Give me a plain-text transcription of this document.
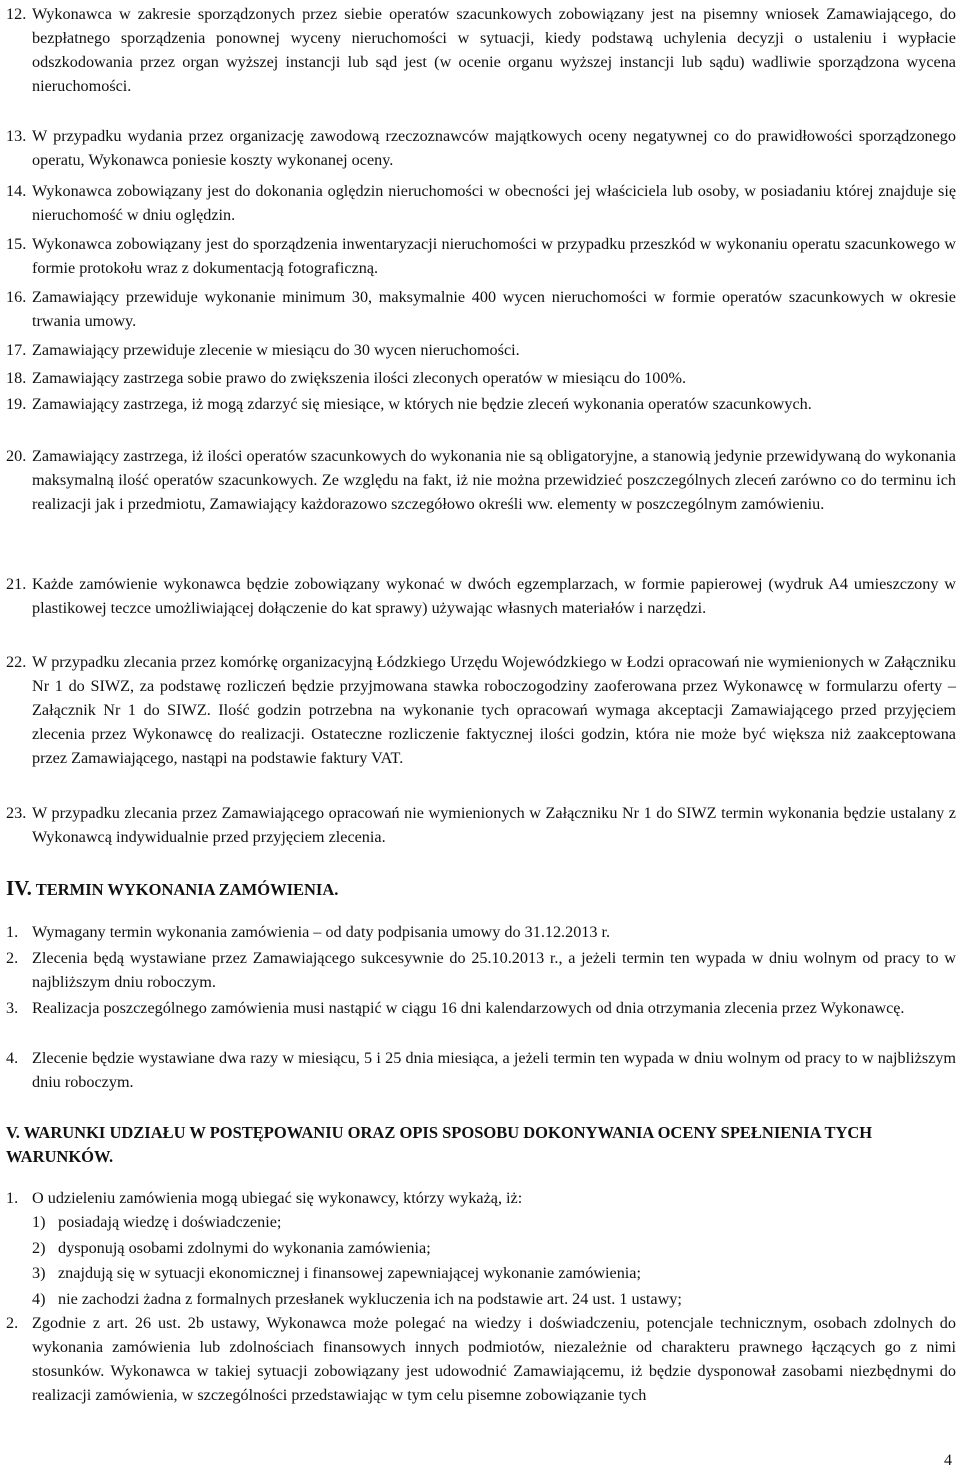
12. Wykonawca w zakresie sporządzonych przez siebie operatów szacunkowych zobowiązany jest na pisemny wniosek Zamawiającego, do bezpłatnego sporządzenia ponownej wyceny nieruchomości w sytuacji, kiedy podstawą uchylenia decyzji o ustaleniu i wypłacie odszkodowania przez organ wyższej instancji lub sąd jest (w ocenie organu wyższej instancji lub sądu) wadliwie sporządzona wycena nieruchomości.
13. W przypadku wydania przez organizację zawodową rzeczoznawców majątkowych oceny negatywnej co do prawidłowości sporządzonego operatu, Wykonawca poniesie koszty wykonanej oceny.
14. Wykonawca zobowiązany jest do dokonania oględzin nieruchomości w obecności jej właściciela lub osoby, w posiadaniu której znajduje się nieruchomość w dniu oględzin.
15. Wykonawca zobowiązany jest do sporządzenia inwentaryzacji nieruchomości w przypadku przeszkód w wykonaniu operatu szacunkowego w formie protokołu wraz z dokumentacją fotograficzną.
16. Zamawiający przewiduje wykonanie minimum 30, maksymalnie 400 wycen nieruchomości w formie operatów szacunkowych w okresie trwania umowy.
17. Zamawiający przewiduje zlecenie w miesiącu do 30 wycen nieruchomości.
18. Zamawiający zastrzega sobie prawo do zwiększenia ilości zleconych operatów w miesiącu do 100%.
19. Zamawiający zastrzega, iż mogą zdarzyć się miesiące, w których nie będzie zleceń wykonania operatów szacunkowych.
20. Zamawiający zastrzega, iż ilości operatów szacunkowych do wykonania nie są obligatoryjne, a stanowią jedynie przewidywaną do wykonania maksymalną ilość operatów szacunkowych. Ze względu na fakt, iż nie można przewidzieć poszczególnych zleceń zarówno co do terminu ich realizacji jak i przedmiotu, Zamawiający każdorazowo szczegółowo określi ww. elementy w poszczególnym zamówieniu.
21. Każde zamówienie wykonawca będzie zobowiązany wykonać w dwóch egzemplarzach, w formie papierowej (wydruk A4 umieszczony w plastikowej teczce umożliwiającej dołączenie do kat sprawy) używając własnych materiałów i narzędzi.
22. W przypadku zlecania przez komórkę organizacyjną Łódzkiego Urzędu Wojewódzkiego w Łodzi opracowań nie wymienionych w Załączniku Nr 1 do SIWZ, za podstawę rozliczeń będzie przyjmowana stawka roboczogodziny zaoferowana przez Wykonawcę w formularzu oferty – Załącznik Nr 1 do SIWZ. Ilość godzin potrzebna na wykonanie tych opracowań wymaga akceptacji Zamawiającego przed przyjęciem zlecenia przez Wykonawcę do realizacji. Ostateczne rozliczenie faktycznej ilości godzin, która nie może być większa niż zaakceptowana przez Zamawiającego, nastąpi na podstawie faktury VAT.
23. W przypadku zlecania przez Zamawiającego opracowań nie wymienionych w Załączniku Nr 1 do SIWZ termin wykonania będzie ustalany z Wykonawcą indywidualnie przed przyjęciem zlecenia.
IV. TERMIN WYKONANIA ZAMÓWIENIA.
1. Wymagany termin wykonania zamówienia – od daty podpisania umowy do 31.12.2013 r.
2. Zlecenia będą wystawiane przez Zamawiającego sukcesywnie do 25.10.2013 r., a jeżeli termin ten wypada w dniu wolnym od pracy to w najbliższym dniu roboczym.
3. Realizacja poszczególnego zamówienia musi nastąpić w ciągu 16 dni kalendarzowych od dnia otrzymania zlecenia przez Wykonawcę.
4. Zlecenie będzie wystawiane dwa razy w miesiącu, 5 i 25 dnia miesiąca, a jeżeli termin ten wypada w dniu wolnym od pracy to w najbliższym dniu roboczym.
V. WARUNKI UDZIAŁU W POSTĘPOWANIU ORAZ OPIS SPOSOBU DOKONYWANIA OCENY SPEŁNIENIA TYCH WARUNKÓW.
1. O udzieleniu zamówienia mogą ubiegać się wykonawcy, którzy wykażą, iż:
1) posiadają wiedzę i doświadczenie;
2) dysponują osobami zdolnymi do wykonania zamówienia;
3) znajdują się w sytuacji ekonomicznej i finansowej zapewniającej wykonanie zamówienia;
4) nie zachodzi żadna z formalnych przesłanek wykluczenia ich na podstawie art. 24 ust. 1 ustawy;
2. Zgodnie z art. 26 ust. 2b ustawy, Wykonawca może polegać na wiedzy i doświadczeniu, potencjale technicznym, osobach zdolnych do wykonania zamówienia lub zdolnościach finansowych innych podmiotów, niezależnie od charakteru prawnego łączących go z nimi stosunków. Wykonawca w takiej sytuacji zobowiązany jest udowodnić Zamawiającemu, iż będzie dysponował zasobami niezbędnymi do realizacji zamówienia, w szczególności przedstawiając w tym celu pisemne zobowiązanie tych
4
